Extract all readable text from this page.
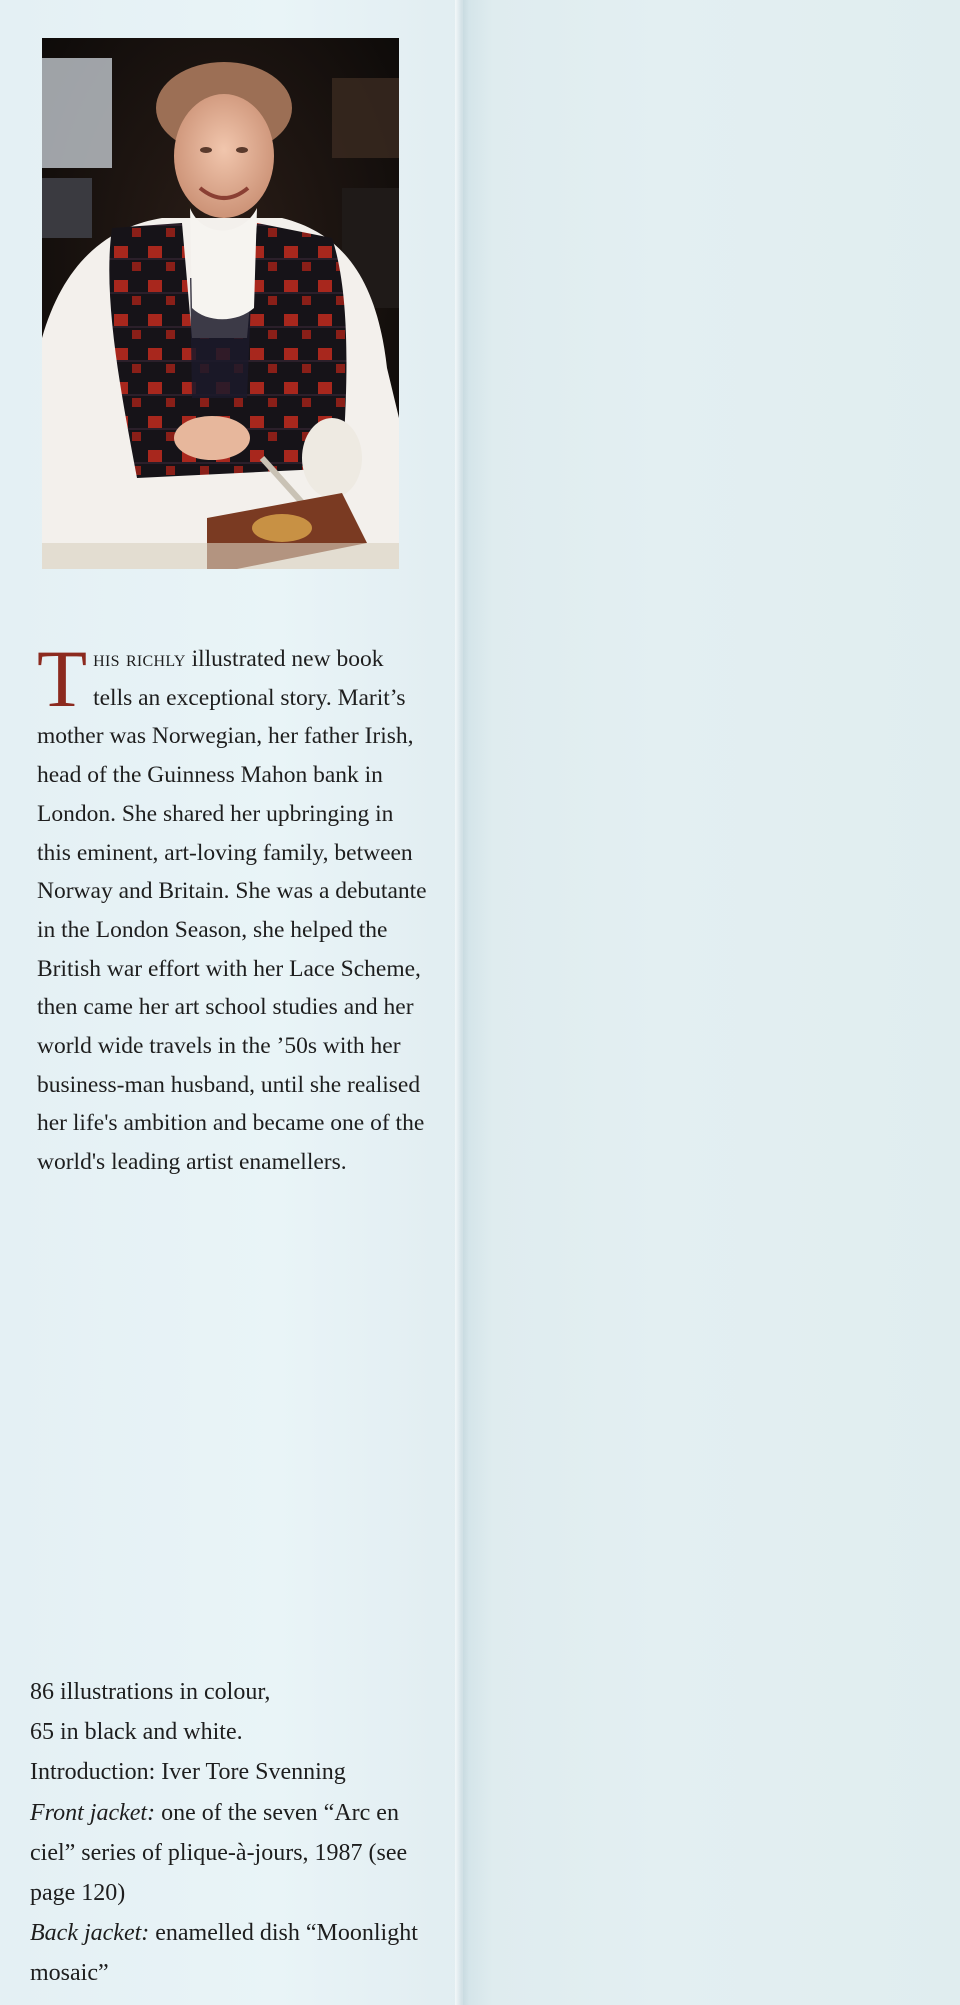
This richly illustrated new book tells an exceptional story. Marit’s mother was Norwegian, her father Irish, head of the Guinness Mahon bank in London. She shared her upbringing in this eminent, art-loving family, between Norway and Britain. She was a debutante in the London Season, she helped the British war effort with her Lace Scheme, then came her art school studies and her world wide travels in the ’50s with her business-man husband, until she realised her life's ambition and became one of the world's leading artist enamellers.

86 illustrations in colour,

65 in black and white.

Introduction: Iver Tore Svenning

Front jacket: one of the seven “Arc en ciel” series of plique-à-jours, 1987 (see page 120)

Back jacket: enamelled dish “Moonlight mosaic”
